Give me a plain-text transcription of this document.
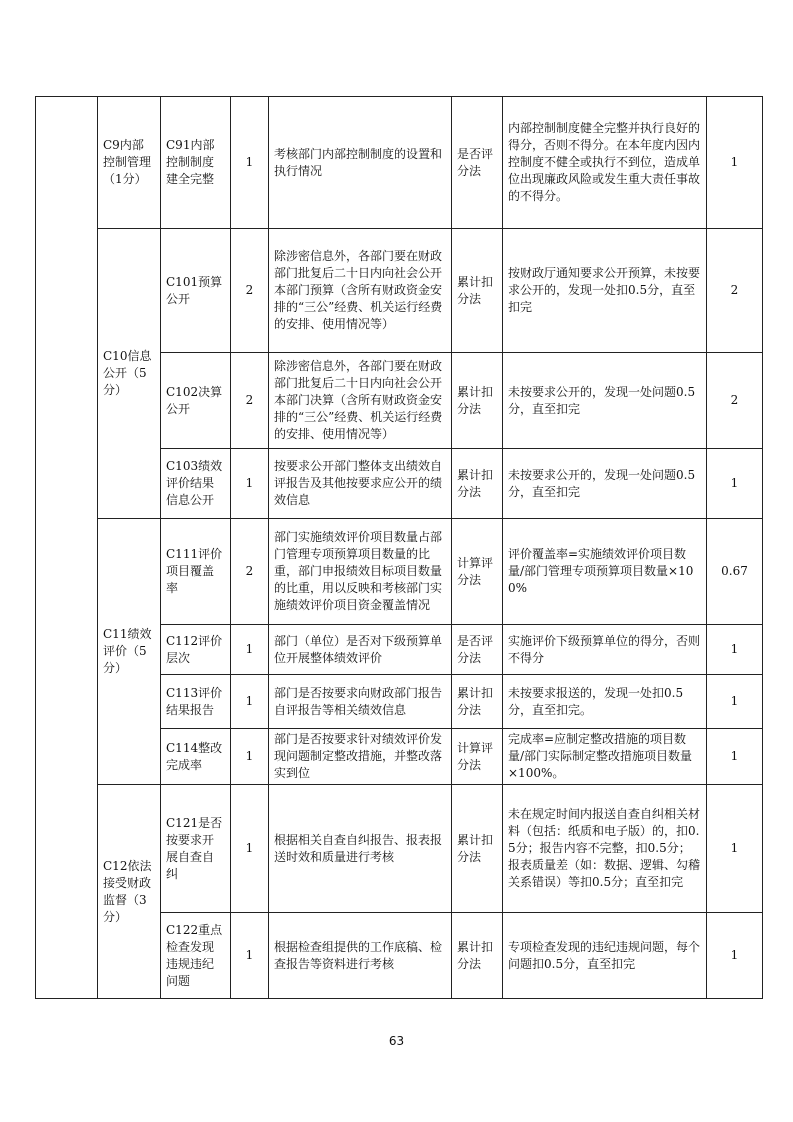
	C9内部控制管理（1分）	C91内部控制制度建全完整	1	考核部门内部控制制度的设置和执行情况	是否评分法	内部控制制度健全完整并执行良好的得分，否则不得分。在本年度内因内控制度不健全或执行不到位，造成单位出现廉政风险或发生重大责任事故的不得分。	1
	C10信息公开（5分）	C101预算公开	2	除涉密信息外，各部门要在财政部门批复后二十日内向社会公开本部门预算（含所有财政资金安排的“三公”经费、机关运行经费的安排、使用情况等）	累计扣分法	按财政厅通知要求公开预算，未按要求公开的，发现一处扣0.5分，直至扣完	2
		C102决算公开	2	除涉密信息外，各部门要在财政部门批复后二十日内向社会公开本部门决算（含所有财政资金安排的“三公”经费、机关运行经费的安排、使用情况等）	累计扣分法	未按要求公开的，发现一处问题0.5分，直至扣完	2
		C103绩效评价结果信息公开	1	按要求公开部门整体支出绩效自评报告及其他按要求应公开的绩效信息	累计扣分法	未按要求公开的，发现一处问题0.5分，直至扣完	1
	C11绩效评价（5分）	C111评价项目覆盖率	2	部门实施绩效评价项目数量占部门管理专项预算项目数量的比重，部门申报绩效目标项目数量的比重，用以反映和考核部门实施绩效评价项目资金覆盖情况	计算评分法	评价覆盖率=实施绩效评价项目数量/部门管理专项预算项目数量×100%	0.67
		C112评价层次	1	部门（单位）是否对下级预算单位开展整体绩效评价	是否评分法	实施评价下级预算单位的得分，否则不得分	1
		C113评价结果报告	1	部门是否按要求向财政部门报告自评报告等相关绩效信息	累计扣分法	未按要求报送的，发现一处扣0.5分，直至扣完。	1
		C114整改完成率	1	部门是否按要求针对绩效评价发现问题制定整改措施，并整改落实到位	计算评分法	完成率=应制定整改措施的项目数量/部门实际制定整改措施项目数量×100%。	1
	C12依法接受财政监督（3分）	C121是否按要求开展自查自纠	1	根据相关自查自纠报告、报表报送时效和质量进行考核	累计扣分法	未在规定时间内报送自查自纠相关材料（包括：纸质和电子版）的，扣0.5分；报告内容不完整，扣0.5分；报表质量差（如：数据、逻辑、勾稽关系错误）等扣0.5分；直至扣完	1
		C122重点检查发现违规违纪问题	1	根据检查组提供的工作底稿、检查报告等资料进行考核	累计扣分法	专项检查发现的违纪违规问题，每个问题扣0.5分，直至扣完	1
63
